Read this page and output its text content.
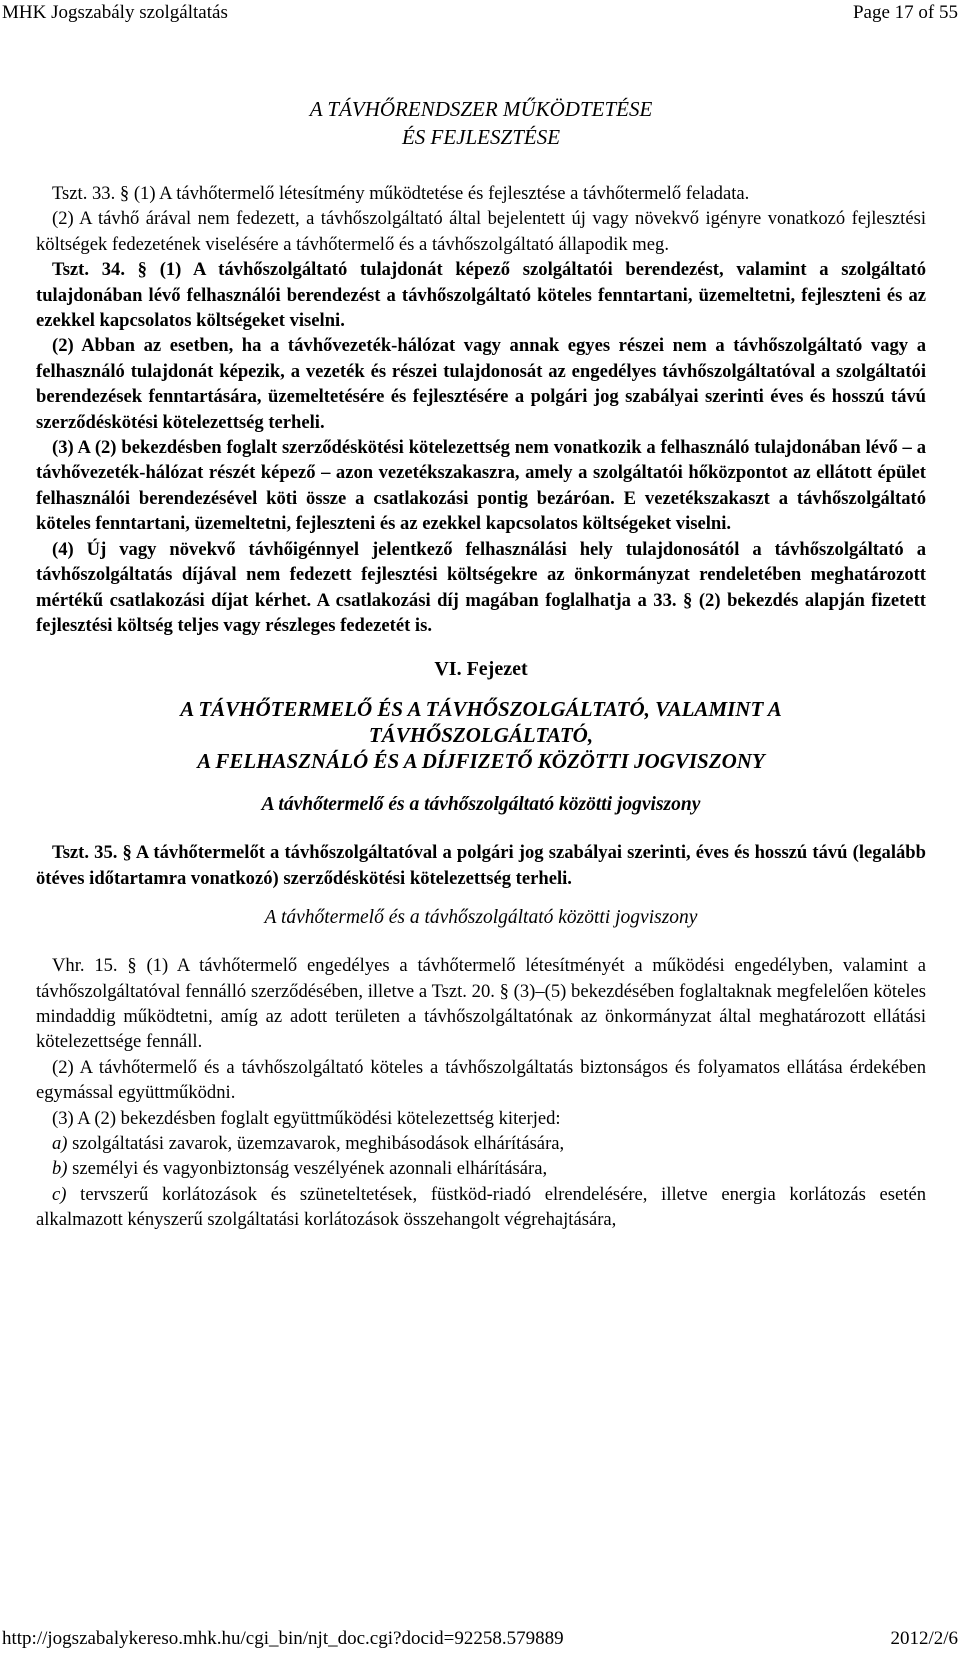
MHK Jogszabály szolgáltatás	Page 17 of 55
A TÁVHŐRENDSZER MŰKÖDTETÉSE
ÉS FEJLESZTÉSE

Tszt. 33. § (1) A távhőtermelő létesítmény működtetése és fejlesztése a távhőtermelő feladata.

(2) A távhő árával nem fedezett, a távhőszolgáltató által bejelentett új vagy növekvő igényre vonatkozó fejlesztési költségek fedezetének viselésére a távhőtermelő és a távhőszolgáltató állapodik meg.

Tszt. 34. § (1) A távhőszolgáltató tulajdonát képező szolgáltatói berendezést, valamint a szolgáltató tulajdonában lévő felhasználói berendezést a távhőszolgáltató köteles fenntartani, üzemeltetni, fejleszteni és az ezekkel kapcsolatos költségeket viselni.

(2) Abban az esetben, ha a távhővezeték-hálózat vagy annak egyes részei nem a távhőszolgáltató vagy a felhasználó tulajdonát képezik, a vezeték és részei tulajdonosát az engedélyes távhőszolgáltatóval a szolgáltatói berendezések fenntartására, üzemeltetésére és fejlesztésére a polgári jog szabályai szerinti éves és hosszú távú szerződéskötési kötelezettség terheli.

(3) A (2) bekezdésben foglalt szerződéskötési kötelezettség nem vonatkozik a felhasználó tulajdonában lévő – a távhővezeték-hálózat részét képező – azon vezetékszakaszra, amely a szolgáltatói hőközpontot az ellátott épület felhasználói berendezésével köti össze a csatlakozási pontig bezáróan. E vezetékszakaszt a távhőszolgáltató köteles fenntartani, üzemeltetni, fejleszteni és az ezekkel kapcsolatos költségeket viselni.

(4) Új vagy növekvő távhőigénnyel jelentkező felhasználási hely tulajdonosától a távhőszolgáltató a távhőszolgáltatás díjával nem fedezett fejlesztési költségekre az önkormányzat rendeletében meghatározott mértékű csatlakozási díjat kérhet. A csatlakozási díj magában foglalhatja a 33. § (2) bekezdés alapján fizetett fejlesztési költség teljes vagy részleges fedezetét is.

VI. Fejezet
A TÁVHŐTERMELŐ ÉS A TÁVHŐSZOLGÁLTATÓ, VALAMINT A
TÁVHŐSZOLGÁLTATÓ,
A FELHASZNÁLÓ ÉS A DÍJFIZETŐ KÖZÖTTI JOGVISZONY
A távhőtermelő és a távhőszolgáltató közötti jogviszony

Tszt. 35. § A távhőtermelőt a távhőszolgáltatóval a polgári jog szabályai szerinti, éves és hosszú távú (legalább ötéves időtartamra vonatkozó) szerződéskötési kötelezettség terheli.

A távhőtermelő és a távhőszolgáltató közötti jogviszony

Vhr. 15. § (1) A távhőtermelő engedélyes a távhőtermelő létesítményét a működési engedélyben, valamint a távhőszolgáltatóval fennálló szerződésében, illetve a Tszt. 20. § (3)–(5) bekezdésében foglaltaknak megfelelően köteles mindaddig működtetni, amíg az adott területen a távhőszolgáltatónak az önkormányzat által meghatározott ellátási kötelezettsége fennáll.

(2) A távhőtermelő és a távhőszolgáltató köteles a távhőszolgáltatás biztonságos és folyamatos ellátása érdekében egymással együttműködni.

(3) A (2) bekezdésben foglalt együttműködési kötelezettség kiterjed:

a) szolgáltatási zavarok, üzemzavarok, meghibásodások elhárítására,

b) személyi és vagyonbiztonság veszélyének azonnali elhárítására,

c) tervszerű korlátozások és szüneteltetések, füstköd-riadó elrendelésére, illetve energia korlátozás esetén alkalmazott kényszerű szolgáltatási korlátozások összehangolt végrehajtására,

http://jogszabalykereso.mhk.hu/cgi_bin/njt_doc.cgi?docid=92258.579889	2012/2/6
